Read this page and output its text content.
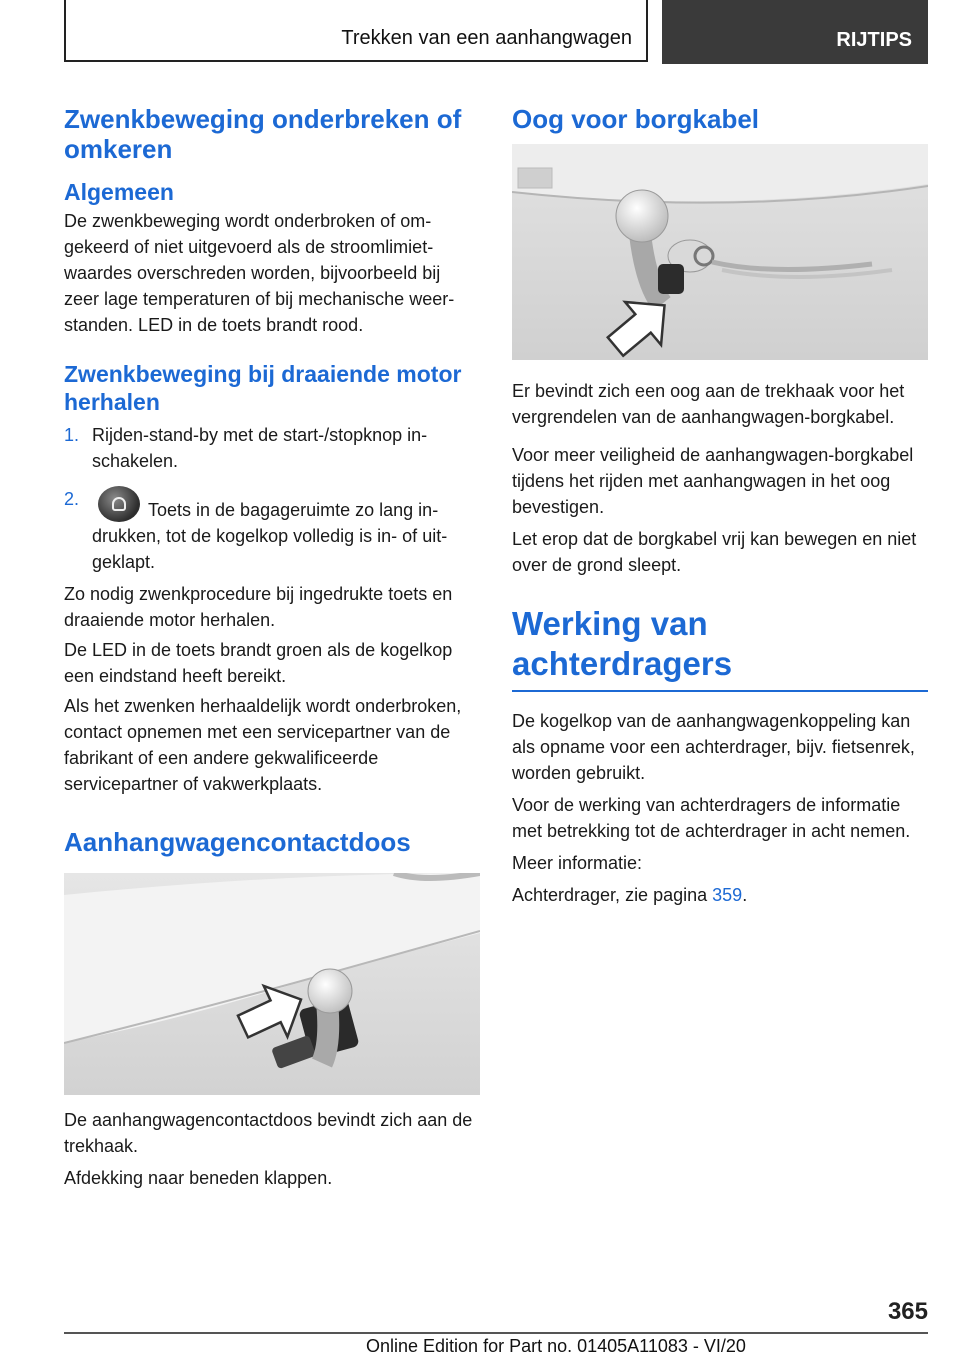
Trekken van een aanhangwagen	RIJTIPS
Zwenkbeweging onderbreken of omkeren
Algemeen

De zwenkbeweging wordt onderbroken of omgekeerd of niet uitgevoerd als de stroomlimietwaardes overschreden worden, bijvoorbeeld bij zeer lage temperaturen of bij mechanische weerstanden. LED in de toets brandt rood.

Zwenkbeweging bij draaiende motor herhalen
1. Rijden-stand-by met de start-/stopknop inschakelen.
2.
Toets in de bagageruimte zo lang indrukken, tot de kogelkop volledig is in- of uitgeklapt.

Zo nodig zwenkprocedure bij ingedrukte toets en draaiende motor herhalen.

De LED in de toets brandt groen als de kogelkop een eindstand heeft bereikt.

Als het zwenken herhaaldelijk wordt onderbroken, contact opnemen met een servicepartner van de fabrikant of een andere gekwalificeerde servicepartner of vakwerkplaats.

Aanhangwagencontactdoos

De aanhangwagencontactdoos bevindt zich aan de trekhaak.

Afdekking naar beneden klappen.

Oog voor borgkabel

Er bevindt zich een oog aan de trekhaak voor het vergrendelen van de aanhangwagen-borgkabel.

Voor meer veiligheid de aanhangwagen-borgkabel tijdens het rijden met aanhangwagen in het oog bevestigen.

Let erop dat de borgkabel vrij kan bewegen en niet over de grond sleept.

Werking van achterdragers

De kogelkop van de aanhangwagenkoppeling kan als opname voor een achterdrager, bijv. fietsenrek, worden gebruikt.

Voor de werking van achterdragers de informatie met betrekking tot de achterdrager in acht nemen.

Meer informatie:

Achterdrager, zie pagina 359.

365
Online Edition for Part no. 01405A11083 - VI/20
